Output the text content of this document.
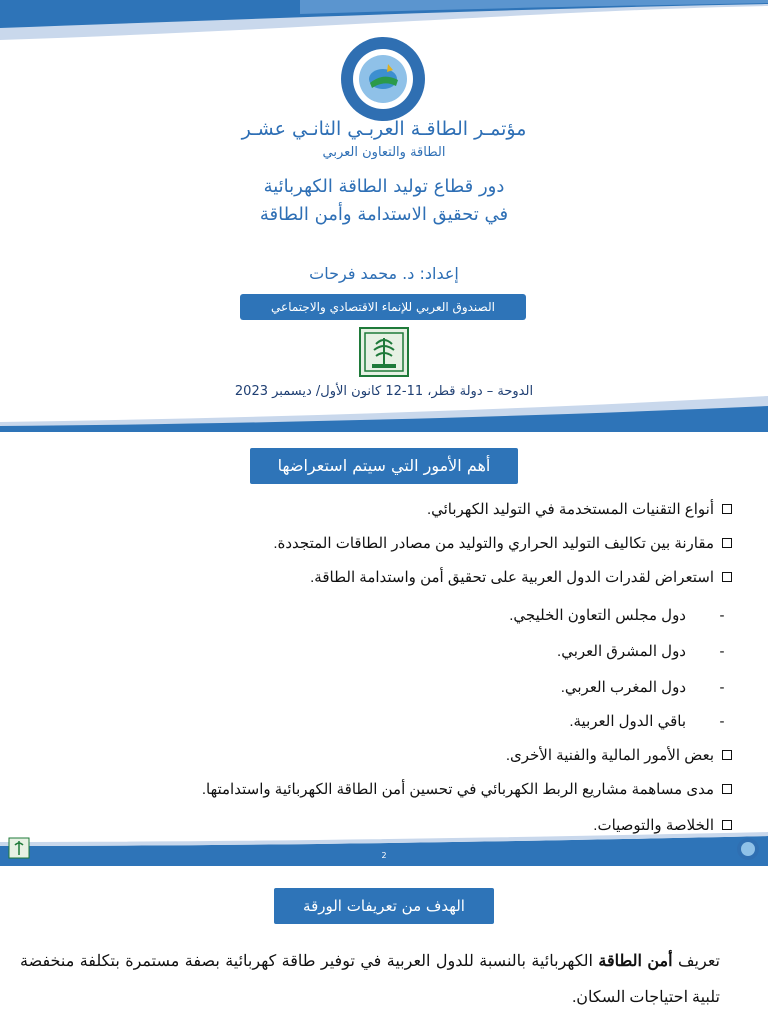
مؤتمـر الطاقـة العربـي الثانـي عشـر
الطاقة والتعاون العربي
دور قطاع توليد الطاقة الكهربائية
في تحقيق الاستدامة وأمن الطاقة
إعداد: د. محمد فرحات
الصندوق العربي للإنماء الاقتصادي والاجتماعي
الدوحة – دولة قطر، 11-12 كانون الأول/ ديسمبر 2023
أهم الأمور التي سيتم استعراضها
2
أنواع التقنيات المستخدمة في التوليد الكهربائي.
مقارنة بين تكاليف التوليد الحراري والتوليد من مصادر الطاقات المتجددة.
استعراض لقدرات الدول العربية على تحقيق أمن واستدامة الطاقة.
-
دول مجلس التعاون الخليجي.
-
دول المشرق العربي.
-
دول المغرب العربي.
-
باقي الدول العربية.
بعض الأمور المالية والفنية الأخرى.
مدى مساهمة مشاريع الربط الكهربائي في تحسين أمن الطاقة الكهربائية واستدامتها.
الخلاصة والتوصيات.
الهدف من تعريفات الورقة
تعريف أمن الطاقة الكهربائية بالنسبة للدول العربية في توفير طاقة كهربائية بصفة مستمرة بتكلفة منخفضة تلبية احتياجات السكان.
